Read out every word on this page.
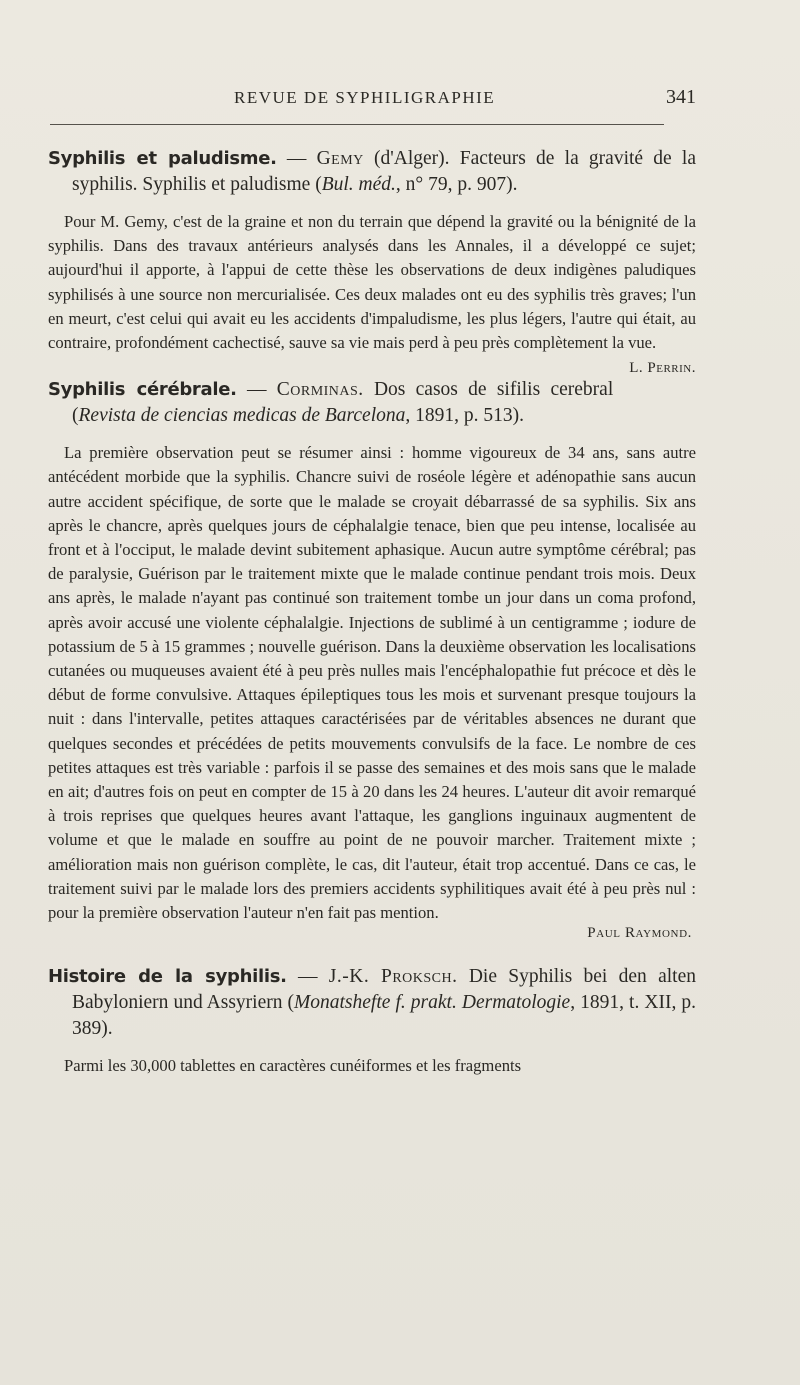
REVUE DE SYPHILIGRAPHIE	341

Syphilis et paludisme. — Gemy (d'Alger). Facteurs de la gravité de la syphilis. Syphilis et paludisme (Bul. méd., n° 79, p. 907).

Pour M. Gemy, c'est de la graine et non du terrain que dépend la gravité ou la bénignité de la syphilis. Dans des travaux antérieurs analysés dans les Annales, il a développé ce sujet; aujourd'hui il apporte, à l'appui de cette thèse les observations de deux indigènes paludiques syphilisés à une source non mercurialisée. Ces deux malades ont eu des syphilis très graves; l'un en meurt, c'est celui qui avait eu les accidents d'impaludisme, les plus légers, l'autre qui était, au contraire, profondément cachectisé, sauve sa vie mais perd à peu près complètement la vue.
L. Perrin.

Syphilis cérébrale. — Corminas. Dos casos de sifilis cerebral (Revista de ciencias medicas de Barcelona, 1891, p. 513).

La première observation peut se résumer ainsi : homme vigoureux de 34 ans, sans autre antécédent morbide que la syphilis. Chancre suivi de roséole légère et adénopathie sans aucun autre accident spécifique, de sorte que le malade se croyait débarrassé de sa syphilis. Six ans après le chancre, après quelques jours de céphalalgie tenace, bien que peu intense, localisée au front et à l'occiput, le malade devint subitement aphasique. Aucun autre symptôme cérébral; pas de paralysie, Guérison par le traitement mixte que le malade continue pendant trois mois. Deux ans après, le malade n'ayant pas continué son traitement tombe un jour dans un coma profond, après avoir accusé une violente céphalalgie. Injections de sublimé à un centigramme ; iodure de potassium de 5 à 15 grammes ; nouvelle guérison. Dans la deuxième observation les localisations cutanées ou muqueuses avaient été à peu près nulles mais l'encéphalopathie fut précoce et dès le début de forme convulsive. Attaques épileptiques tous les mois et survenant presque toujours la nuit : dans l'intervalle, petites attaques caractérisées par de véritables absences ne durant que quelques secondes et précédées de petits mouvements convulsifs de la face. Le nombre de ces petites attaques est très variable : parfois il se passe des semaines et des mois sans que le malade en ait; d'autres fois on peut en compter de 15 à 20 dans les 24 heures. L'auteur dit avoir remarqué à trois reprises que quelques heures avant l'attaque, les ganglions inguinaux augmentent de volume et que le malade en souffre au point de ne pouvoir marcher. Traitement mixte ; amélioration mais non guérison complète, le cas, dit l'auteur, était trop accentué. Dans ce cas, le traitement suivi par le malade lors des premiers accidents syphilitiques avait été à peu près nul : pour la première observation l'auteur n'en fait pas mention.

Paul Raymond.

Histoire de la syphilis. — J.-K. Proksch. Die Syphilis bei den alten Babyloniern und Assyriern (Monatshefte f. prakt. Dermatologie, 1891, t. XII, p. 389).

Parmi les 30,000 tablettes en caractères cunéiformes et les fragments
